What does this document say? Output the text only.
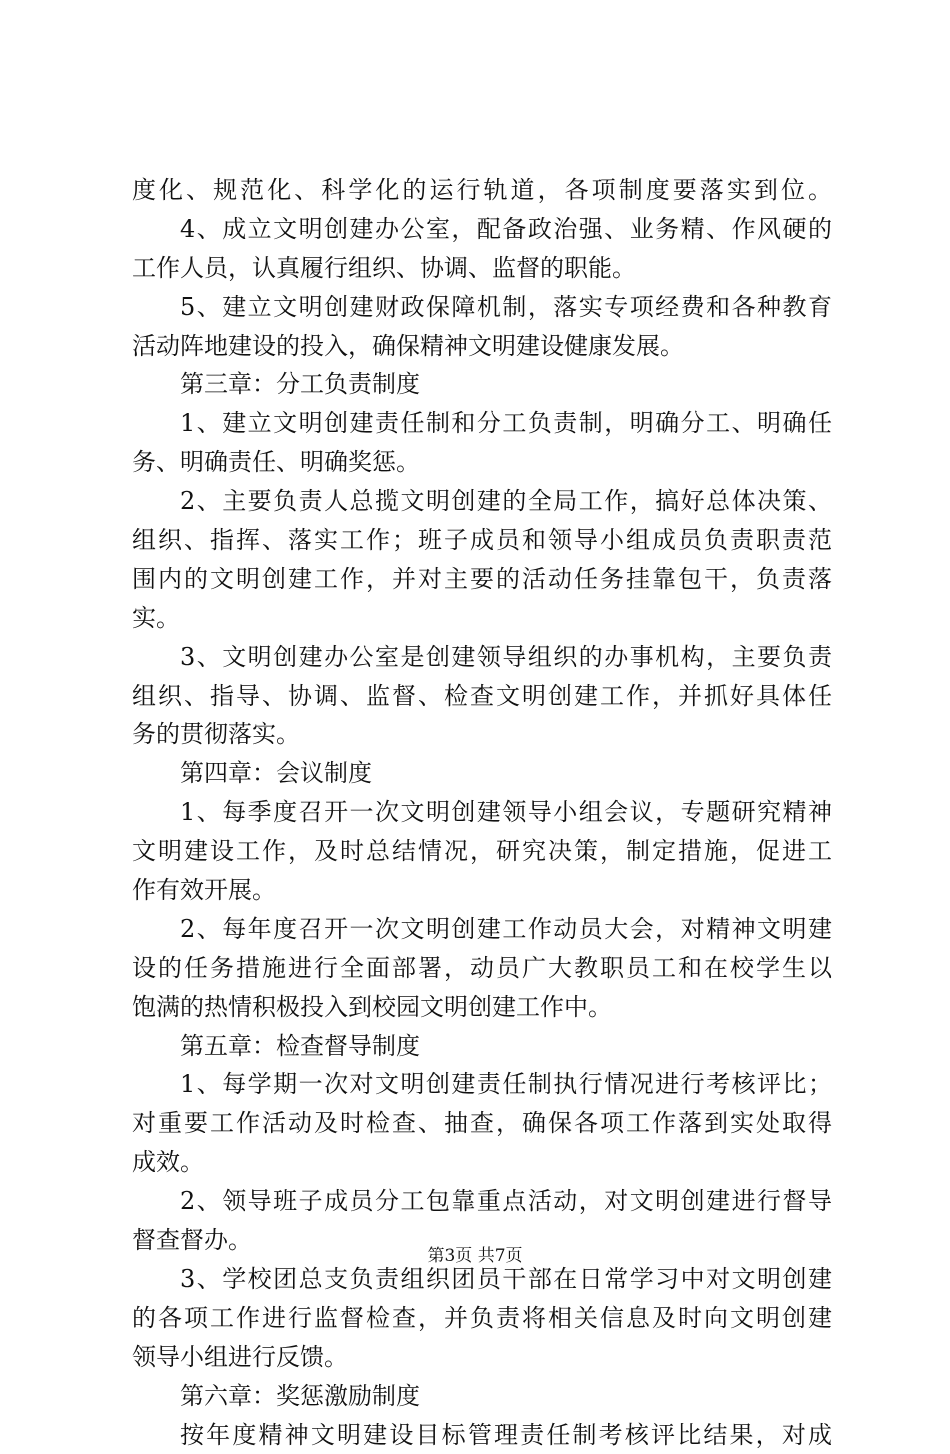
度化、规范化、科学化的运行轨道，各项制度要落实到位。
4、成立文明创建办公室，配备政治强、业务精、作风硬的
工作人员，认真履行组织、协调、监督的职能。
5、建立文明创建财政保障机制，落实专项经费和各种教育
活动阵地建设的投入，确保精神文明建设健康发展。
第三章：分工负责制度
1、建立文明创建责任制和分工负责制，明确分工、明确任
务、明确责任、明确奖惩。
2、主要负责人总揽文明创建的全局工作，搞好总体决策、
组织、指挥、落实工作；班子成员和领导小组成员负责职责范
围内的文明创建工作，并对主要的活动任务挂靠包干，负责落
实。
3、文明创建办公室是创建领导组织的办事机构，主要负责
组织、指导、协调、监督、检查文明创建工作，并抓好具体任
务的贯彻落实。
第四章：会议制度
1、每季度召开一次文明创建领导小组会议，专题研究精神
文明建设工作，及时总结情况，研究决策，制定措施，促进工
作有效开展。
2、每年度召开一次文明创建工作动员大会，对精神文明建
设的任务措施进行全面部署，动员广大教职员工和在校学生以
饱满的热情积极投入到校园文明创建工作中。
第五章：检查督导制度
1、每学期一次对文明创建责任制执行情况进行考核评比；
对重要工作活动及时检查、抽查，确保各项工作落到实处取得
成效。
2、领导班子成员分工包靠重点活动，对文明创建进行督导
督查督办。
3、学校团总支负责组织团员干部在日常学习中对文明创建
的各项工作进行监督检查，并负责将相关信息及时向文明创建
领导小组进行反馈。
第六章：奖惩激励制度
按年度精神文明建设目标管理责任制考核评比结果，对成
第3页 共7页
